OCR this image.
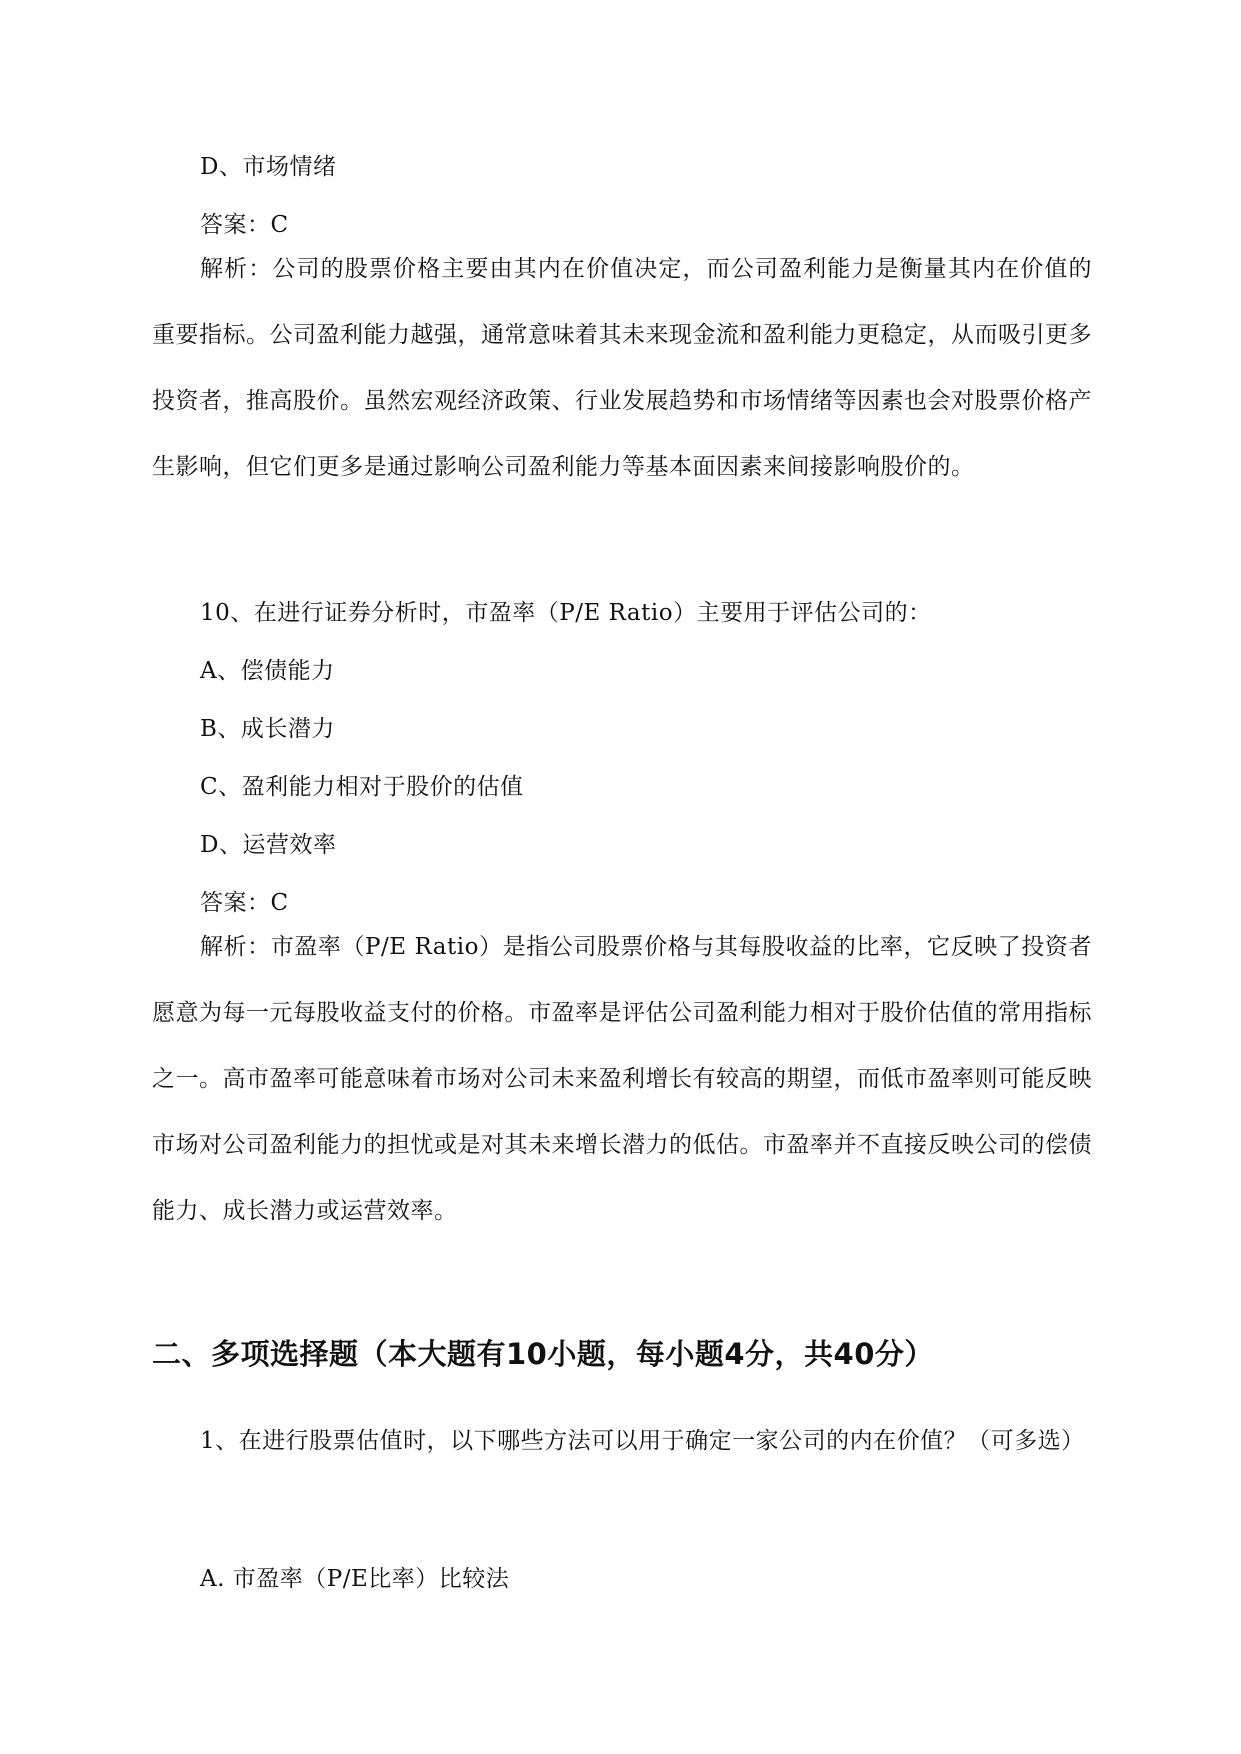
D、市场情绪
答案：C
解析：公司的股票价格主要由其内在价值决定，而公司盈利能力是衡量其内在价值的重要指标。公司盈利能力越强，通常意味着其未来现金流和盈利能力更稳定，从而吸引更多投资者，推高股价。虽然宏观经济政策、行业发展趋势和市场情绪等因素也会对股票价格产生影响，但它们更多是通过影响公司盈利能力等基本面因素来间接影响股价的。
10、在进行证券分析时，市盈率（P/E Ratio）主要用于评估公司的：
A、偿债能力
B、成长潜力
C、盈利能力相对于股价的估值
D、运营效率
答案：C
解析：市盈率（P/E Ratio）是指公司股票价格与其每股收益的比率，它反映了投资者愿意为每一元每股收益支付的价格。市盈率是评估公司盈利能力相对于股价估值的常用指标之一。高市盈率可能意味着市场对公司未来盈利增长有较高的期望，而低市盈率则可能反映市场对公司盈利能力的担忧或是对其未来增长潜力的低估。市盈率并不直接反映公司的偿债能力、成长潜力或运营效率。
二、多项选择题（本大题有10小题，每小题4分，共40分）
1、在进行股票估值时，以下哪些方法可以用于确定一家公司的内在价值？（可多选）
A. 市盈率（P/E比率）比较法
